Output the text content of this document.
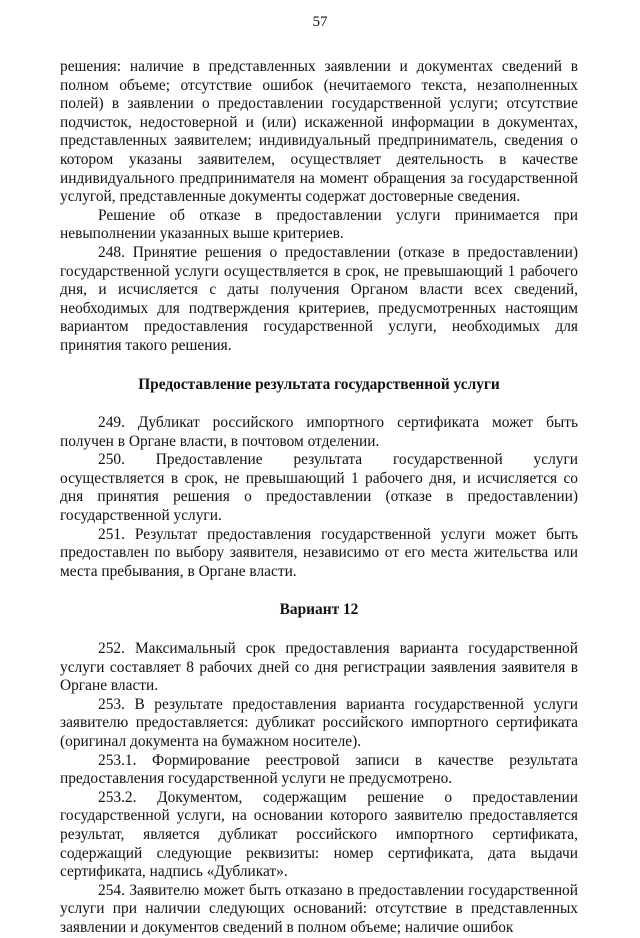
57

решения: наличие в представленных заявлении и документах сведений в полном объеме; отсутствие ошибок (нечитаемого текста, незаполненных полей) в заявлении о предоставлении государственной услуги; отсутствие подчисток, недостоверной и (или) искаженной информации в документах, представленных заявителем; индивидуальный предприниматель, сведения о котором указаны заявителем, осуществляет деятельность в качестве индивидуального предпринимателя на момент обращения за государственной услугой, представленные документы содержат достоверные сведения.

Решение об отказе в предоставлении услуги принимается при невыполнении указанных выше критериев.

248. Принятие решения о предоставлении (отказе в предоставлении) государственной услуги осуществляется в срок, не превышающий 1 рабочего дня, и исчисляется с даты получения Органом власти всех сведений, необходимых для подтверждения критериев, предусмотренных настоящим вариантом предоставления государственной услуги, необходимых для принятия такого решения.

Предоставление результата государственной услуги

249. Дубликат российского импортного сертификата может быть получен в Органе власти, в почтовом отделении.

250. Предоставление результата государственной услуги осуществляется в срок, не превышающий 1 рабочего дня, и исчисляется со дня принятия решения о предоставлении (отказе в предоставлении) государственной услуги.

251. Результат предоставления государственной услуги может быть предоставлен по выбору заявителя, независимо от его места жительства или места пребывания, в Органе власти.

Вариант 12

252. Максимальный срок предоставления варианта государственной услуги составляет 8 рабочих дней со дня регистрации заявления заявителя в Органе власти.

253. В результате предоставления варианта государственной услуги заявителю предоставляется: дубликат российского импортного сертификата (оригинал документа на бумажном носителе).

253.1. Формирование реестровой записи в качестве результата предоставления государственной услуги не предусмотрено.

253.2. Документом, содержащим решение о предоставлении государственной услуги, на основании которого заявителю предоставляется результат, является дубликат российского импортного сертификата, содержащий следующие реквизиты: номер сертификата, дата выдачи сертификата, надпись «Дубликат».

254. Заявителю может быть отказано в предоставлении государственной услуги при наличии следующих оснований: отсутствие в представленных заявлении и документов сведений в полном объеме; наличие ошибок
